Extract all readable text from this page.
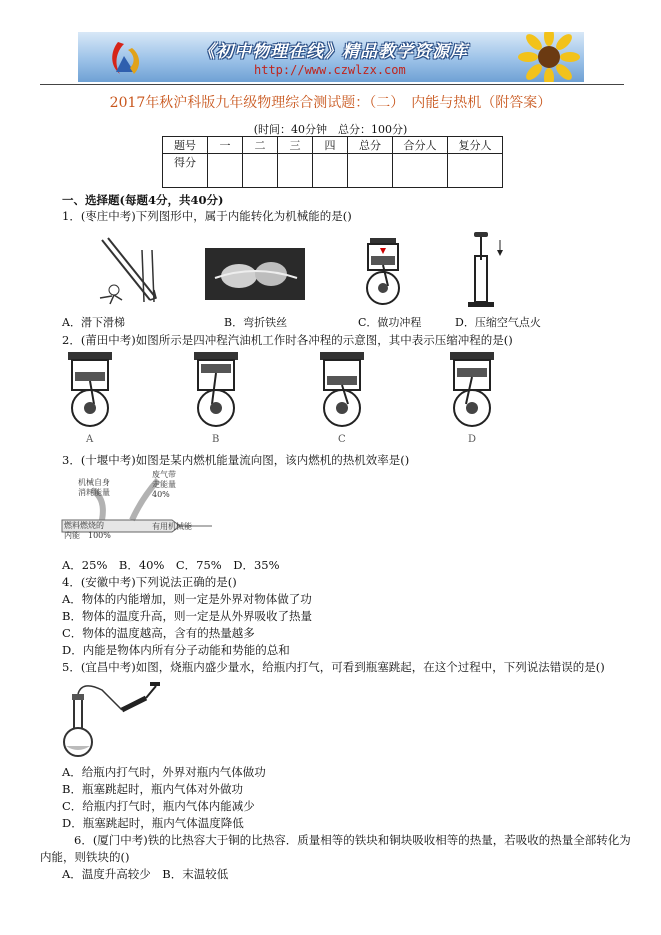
《初中物理在线》精品教学资源库
http://www.czwlzx.com
2017年秋沪科版九年级物理综合测试题：（二）　内能与热机（附答案）
(时间：40分钟　总分：100分)
题号	一	二	三	四	总分	合分人	复分人
得分							
一、选择题(每题4分，共40分)
1．(枣庄中考)下列图形中，属于内能转化为机械能的是()
A．滑下滑梯	B．弯折铁丝	C．做功冲程	D．压缩空气点火
2．(莆田中考)如图所示是四冲程汽油机工作时各冲程的示意图，其中表示压缩冲程的是()
A	B	C	D
3．(十堰中考)如图是某内燃机能量流向图，该内燃机的热机效率是()
机械自身
消耗能量
废气带
走能量
40%
燃料燃烧的
内能　100%
有用机械能
A．25%　B．40%　C．75%　D．35%
4．(安徽中考)下列说法正确的是()
A．物体的内能增加，则一定是外界对物体做了功
B．物体的温度升高，则一定是从外界吸收了热量
C．物体的温度越高，含有的热量越多
D．内能是物体内所有分子动能和势能的总和
5．(宜昌中考)如图，烧瓶内盛少量水，给瓶内打气，可看到瓶塞跳起，在这个过程中，下列说法错误的是()
A．给瓶内打气时，外界对瓶内气体做功
B．瓶塞跳起时，瓶内气体对外做功
C．给瓶内打气时，瓶内气体内能减少
D．瓶塞跳起时，瓶内气体温度降低
6．(厦门中考)铁的比热容大于铜的比热容．质量相等的铁块和铜块吸收相等的热量，若吸收的热量全部转化为
内能，则铁块的()
A．温度升高较少　B．末温较低
